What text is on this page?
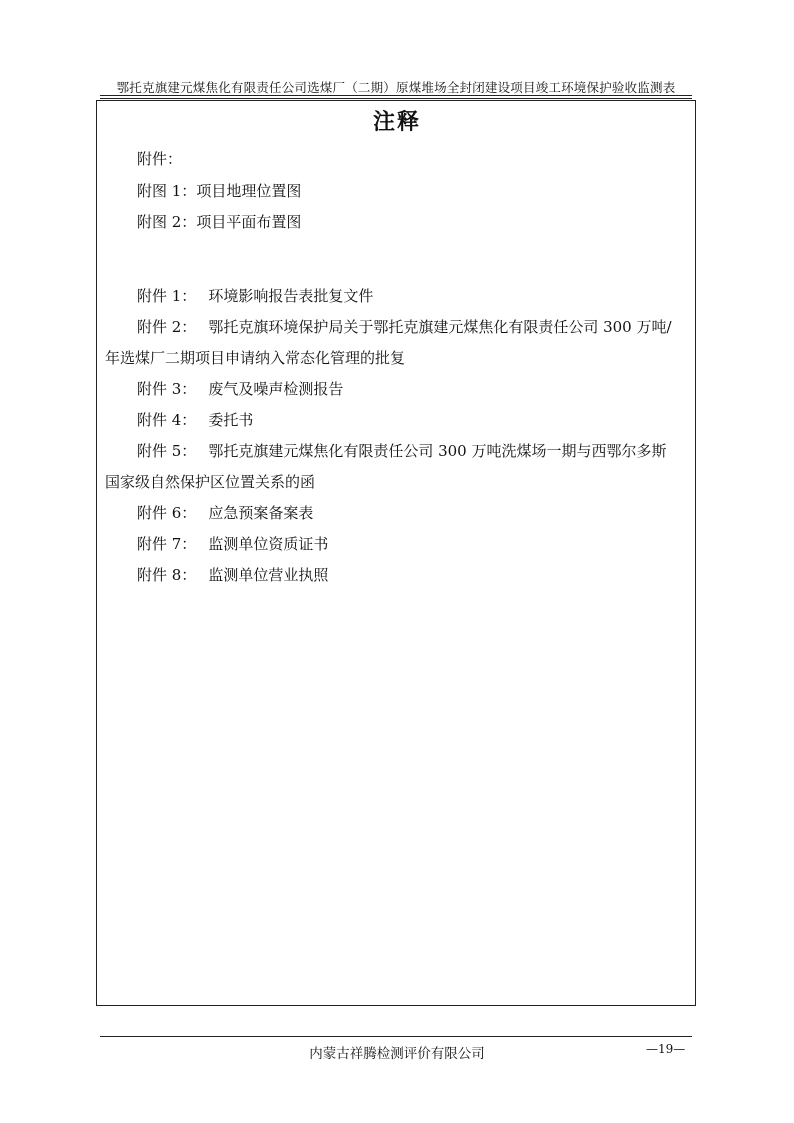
鄂托克旗建元煤焦化有限责任公司选煤厂（二期）原煤堆场全封闭建设项目竣工环境保护验收监测表
注释
附件：
附图 1：项目地理位置图
附图 2：项目平面布置图
附件 1： 环境影响报告表批复文件
附件 2： 鄂托克旗环境保护局关于鄂托克旗建元煤焦化有限责任公司 300 万吨/
年选煤厂二期项目申请纳入常态化管理的批复
附件 3： 废气及噪声检测报告
附件 4： 委托书
附件 5： 鄂托克旗建元煤焦化有限责任公司 300 万吨洗煤场一期与西鄂尔多斯
国家级自然保护区位置关系的函
附件 6： 应急预案备案表
附件 7： 监测单位资质证书
附件 8： 监测单位营业执照
内蒙古祥腾检测评价有限公司	—19—
